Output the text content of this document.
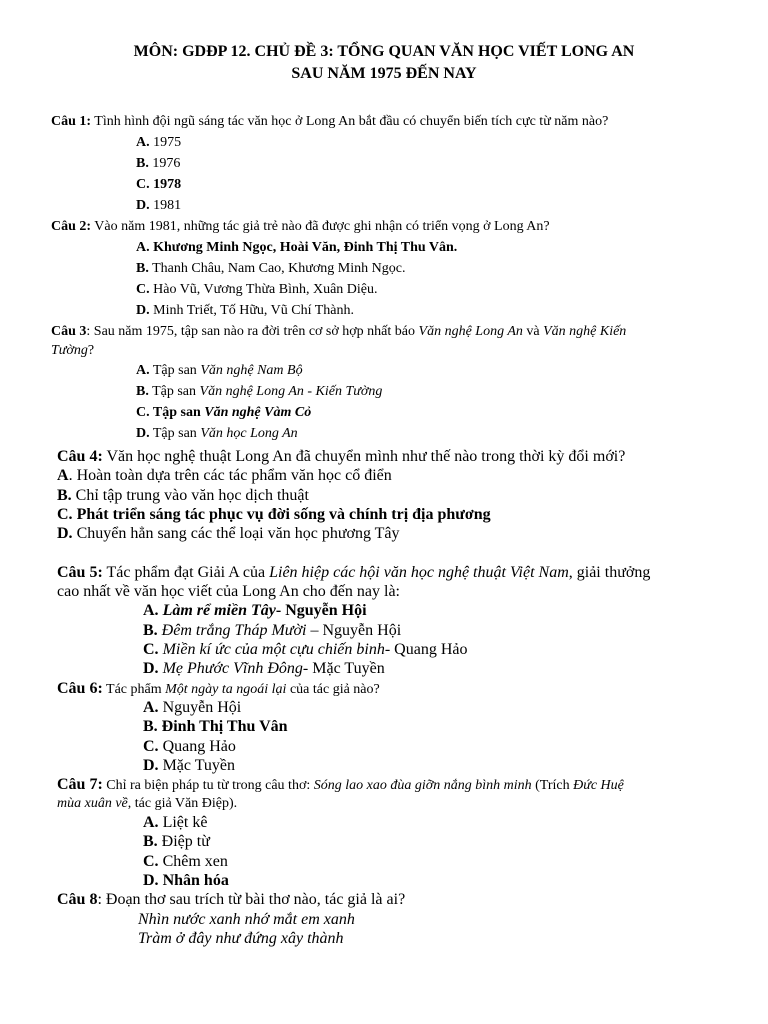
MÔN: GDĐP 12. CHỦ ĐỀ 3: TỔNG QUAN VĂN HỌC VIẾT LONG AN
SAU NĂM 1975 ĐẾN NAY
Câu 1: Tình hình đội ngũ sáng tác văn học ở Long An bắt đầu có chuyển biến tích cực từ năm nào?
A. 1975
B. 1976
C. 1978
D. 1981
Câu 2: Vào năm 1981, những tác giả trẻ nào đã được ghi nhận có triển vọng ở Long An?
A. Khương Minh Ngọc, Hoài Văn, Đinh Thị Thu Vân.
B. Thanh Châu, Nam Cao, Khương Minh Ngọc.
C. Hào Vũ, Vương Thừa Bình, Xuân Diệu.
D. Minh Triết, Tố Hữu, Vũ Chí Thành.
Câu 3: Sau năm 1975, tập san nào ra đời trên cơ sở hợp nhất báo Văn nghệ Long An và Văn nghệ Kiến
Tường?
A. Tập san Văn nghệ Nam Bộ
B. Tập san Văn nghệ Long An - Kiến Tường
C. Tập san Văn nghệ Vàm Cỏ
D. Tập san Văn học Long An
Câu 4: Văn học nghệ thuật Long An đã chuyển mình như thế nào trong thời kỳ đổi mới?
A. Hoàn toàn dựa trên các tác phẩm văn học cổ điển
B. Chỉ tập trung vào văn học dịch thuật
C. Phát triển sáng tác phục vụ đời sống và chính trị địa phương
D. Chuyển hẳn sang các thể loại văn học phương Tây
Câu 5: Tác phẩm đạt Giải A của Liên hiệp các hội văn học nghệ thuật Việt Nam, giải thưởng
cao nhất về văn học viết của Long An cho đến nay là:
A. Làm rể miền Tây- Nguyễn Hội
B. Đêm trắng Tháp Mười – Nguyễn Hội
C. Miền kí ức của một cựu chiến binh- Quang Hảo
D. Mẹ Phước Vĩnh Đông- Mặc Tuyền
Câu 6: Tác phẩm Một ngày ta ngoái lại của tác giả nào?
A. Nguyễn Hội
B. Đinh Thị Thu Vân
C. Quang Hảo
D. Mặc Tuyền
Câu 7: Chỉ ra biện pháp tu từ trong câu thơ: Sóng lao xao đùa giỡn nắng bình minh (Trích Đức Huệ
mùa xuân về, tác giả Văn Điệp).
A. Liệt kê
B. Điệp từ
C. Chêm xen
D. Nhân hóa
Câu 8: Đoạn thơ sau trích từ bài thơ nào, tác giả là ai?
Nhìn nước xanh nhớ mắt em xanh
Tràm ở đây như đứng xây thành
